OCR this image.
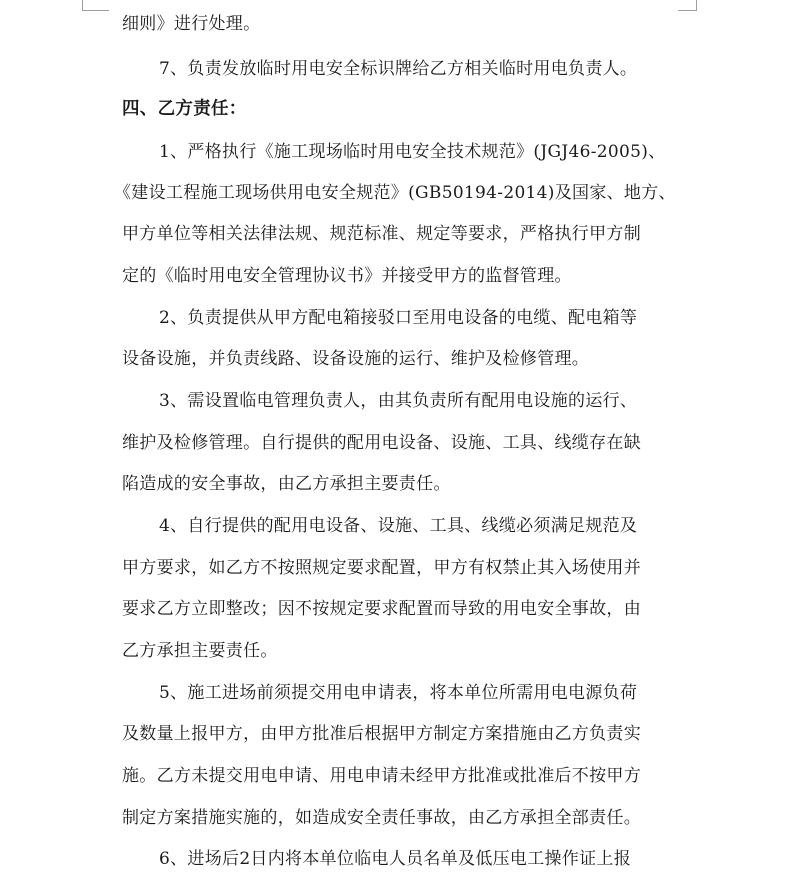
细则》进行处理。
7、负责发放临时用电安全标识牌给乙方相关临时用电负责人。
四、乙方责任：
1、严格执行《施工现场临时用电安全技术规范》(JGJ46-2005)、
《建设工程施工现场供用电安全规范》(GB50194-2014)及国家、地方、
甲方单位等相关法律法规、规范标准、规定等要求，严格执行甲方制
定的《临时用电安全管理协议书》并接受甲方的监督管理。
2、负责提供从甲方配电箱接驳口至用电设备的电缆、配电箱等
设备设施，并负责线路、设备设施的运行、维护及检修管理。
3、需设置临电管理负责人，由其负责所有配用电设施的运行、
维护及检修管理。自行提供的配用电设备、设施、工具、线缆存在缺
陷造成的安全事故，由乙方承担主要责任。
4、自行提供的配用电设备、设施、工具、线缆必须满足规范及
甲方要求，如乙方不按照规定要求配置，甲方有权禁止其入场使用并
要求乙方立即整改；因不按规定要求配置而导致的用电安全事故，由
乙方承担主要责任。
5、施工进场前须提交用电申请表，将本单位所需用电电源负荷
及数量上报甲方，由甲方批准后根据甲方制定方案措施由乙方负责实
施。乙方未提交用电申请、用电申请未经甲方批准或批准后不按甲方
制定方案措施实施的，如造成安全责任事故，由乙方承担全部责任。
6、进场后2日内将本单位临电人员名单及低压电工操作证上报
